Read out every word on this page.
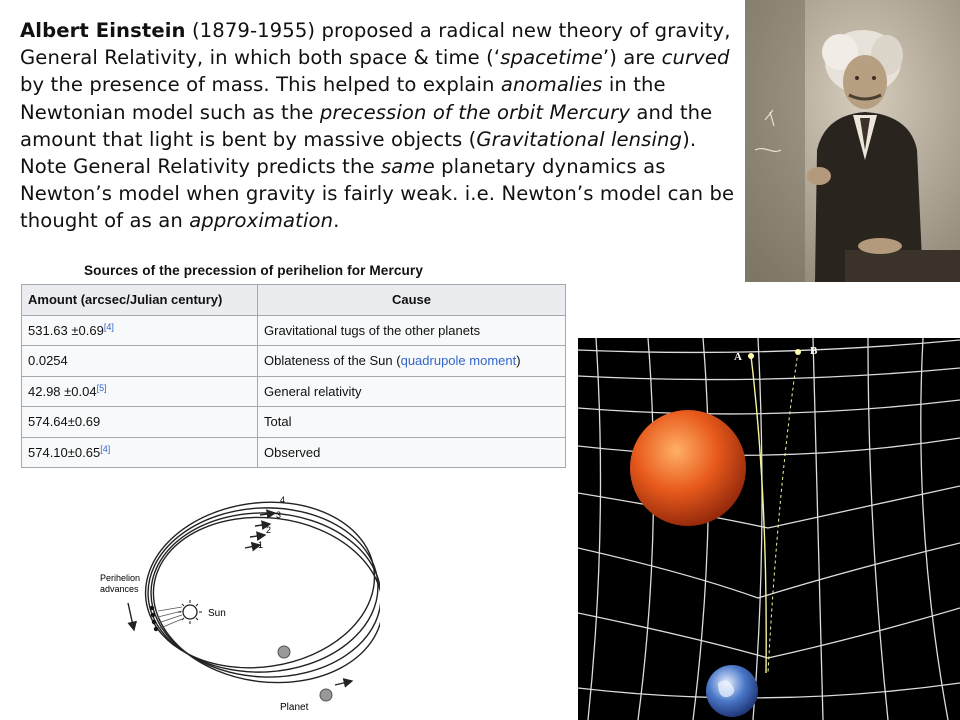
Albert Einstein (1879-1955) proposed a radical new theory of gravity, General Relativity, in which both space & time (‘spacetime’) are curved by the presence of mass. This helped to explain anomalies in the Newtonian model such as the precession of the orbit Mercury and the amount that light is bent by massive objects (Gravitational lensing). Note General Relativity predicts the same planetary dynamics as Newton’s model when gravity is fairly weak. i.e. Newton’s model can be thought of as an approximation.
Sources of the precession of perihelion for Mercury
Amount (arcsec/Julian century)	Cause
531.63 ±0.69[4]	Gravitational tugs of the other planets
0.0254	Oblateness of the Sun (quadrupole moment)
42.98 ±0.04[5]	General relativity
574.64±0.69	Total
574.10±0.65[4]	Observed
4
3
2
1
Perihelion
advances
Sun
Planet
A	B
